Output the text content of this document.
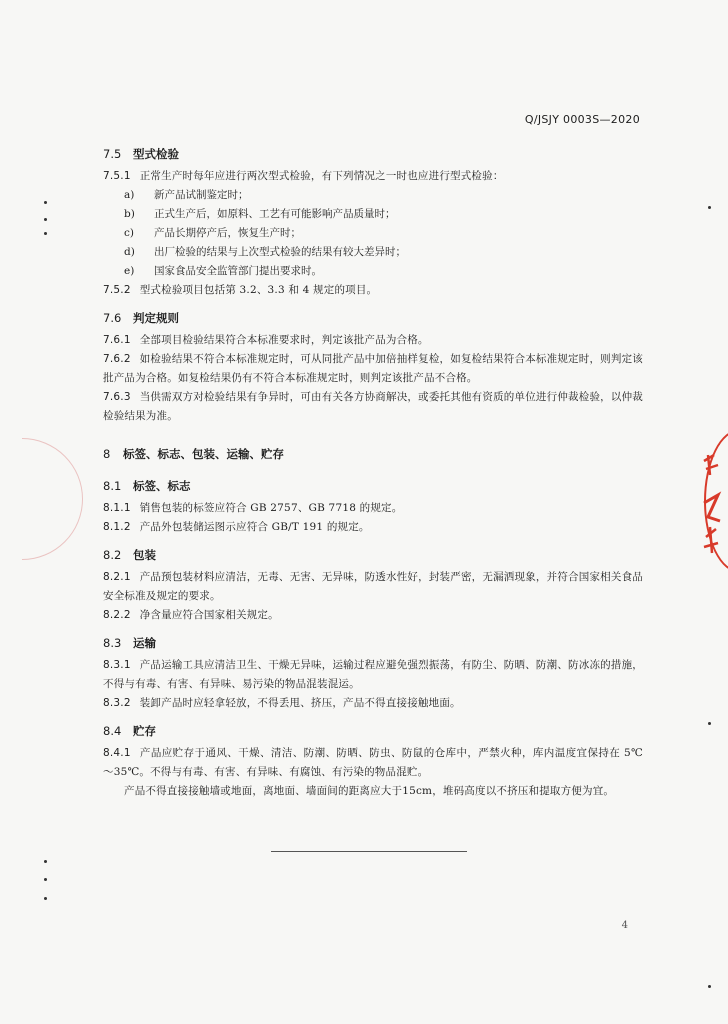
Q/JSJY 0003S—2020
7.5 型式检验
7.5.1 正常生产时每年应进行两次型式检验，有下列情况之一时也应进行型式检验：
a) 新产品试制鉴定时；
b) 正式生产后，如原料、工艺有可能影响产品质量时；
c) 产品长期停产后，恢复生产时；
d) 出厂检验的结果与上次型式检验的结果有较大差异时；
e) 国家食品安全监管部门提出要求时。
7.5.2 型式检验项目包括第 3.2、3.3 和 4 规定的项目。
7.6 判定规则
7.6.1 全部项目检验结果符合本标准要求时，判定该批产品为合格。
7.6.2 如检验结果不符合本标准规定时，可从同批产品中加倍抽样复检，如复检结果符合本标准规定时，则判定该批产品为合格。如复检结果仍有不符合本标准规定时，则判定该批产品不合格。
7.6.3 当供需双方对检验结果有争异时，可由有关各方协商解决，或委托其他有资质的单位进行仲裁检验，以仲裁检验结果为准。
8 标签、标志、包装、运输、贮存
8.1 标签、标志
8.1.1 销售包装的标签应符合 GB 2757、GB 7718 的规定。
8.1.2 产品外包装储运图示应符合 GB/T 191 的规定。
8.2 包装
8.2.1 产品预包装材料应清洁，无毒、无害、无异味，防透水性好，封装严密，无漏洒现象，并符合国家相关食品安全标准及规定的要求。
8.2.2 净含量应符合国家相关规定。
8.3 运输
8.3.1 产品运输工具应清洁卫生、干燥无异味，运输过程应避免强烈振荡，有防尘、防晒、防潮、防冰冻的措施，不得与有毒、有害、有异味、易污染的物品混装混运。
8.3.2 装卸产品时应轻拿轻放，不得丢甩、挤压，产品不得直接接触地面。
8.4 贮存
8.4.1 产品应贮存于通风、干燥、清洁、防潮、防晒、防虫、防鼠的仓库中，严禁火种，库内温度宜保持在 5℃～35℃。不得与有毒、有害、有异味、有腐蚀、有污染的物品混贮。
产品不得直接接触墙或地面，离地面、墙面间的距离应大于15cm，堆码高度以不挤压和提取方便为宜。
4
